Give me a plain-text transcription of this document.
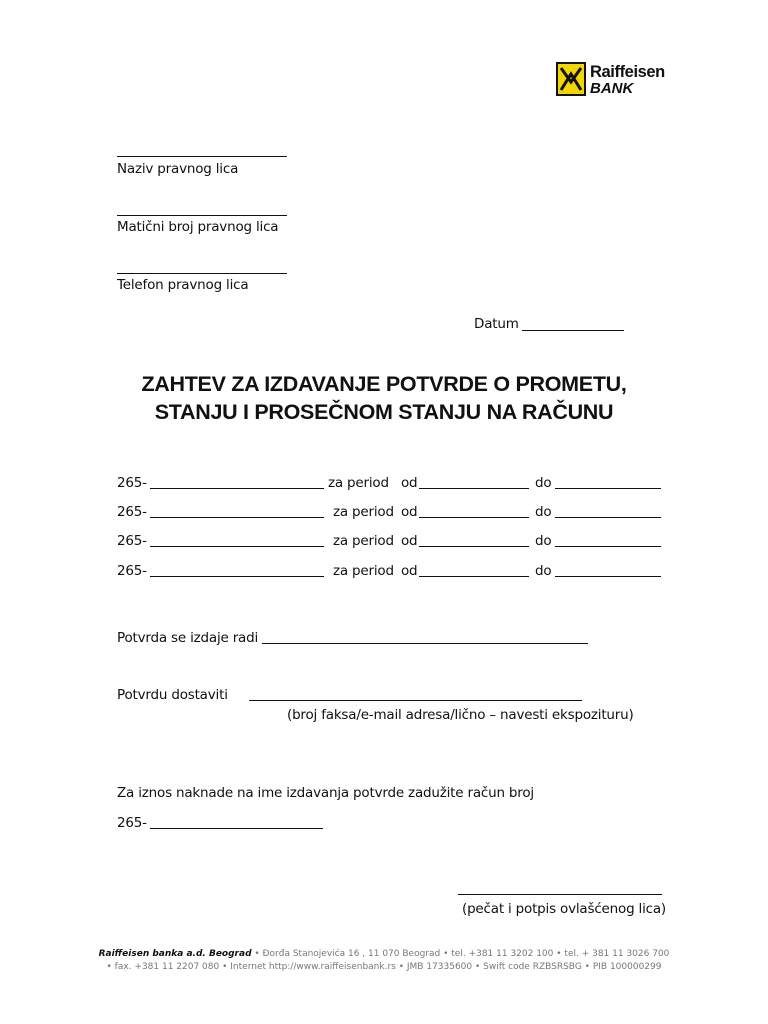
Raiffeisen
BANK
Naziv pravnog lica
Matični broj pravnog lica
Telefon pravnog lica
Datum
ZAHTEV ZA IZDAVANJE POTVRDE O PROMETU,
STANJU I PROSEČNOM STANJU NA RAČUNU
265-	za period od	do
265-	za period od	do
265-	za period od	do
265-	za period od	do
Potvrda se izdaje radi
Potvrdu dostaviti
(broj faksa/e-mail adresa/lično – navesti ekspozituru)
Za iznos naknade na ime izdavanja potvrde zadužite račun broj
265-
(pečat i potpis ovlašćenog lica)
Raiffeisen banka a.d. Beograd • Đorđa Stanojevića 16 , 11 070 Beograd • tel. +381 11 3202 100 • tel. + 381 11 3026 700
• fax. +381 11 2207 080 • Internet http://www.raiffeisenbank.rs • JMB 17335600 • Swift code RZBSRSBG • PIB 100000299
